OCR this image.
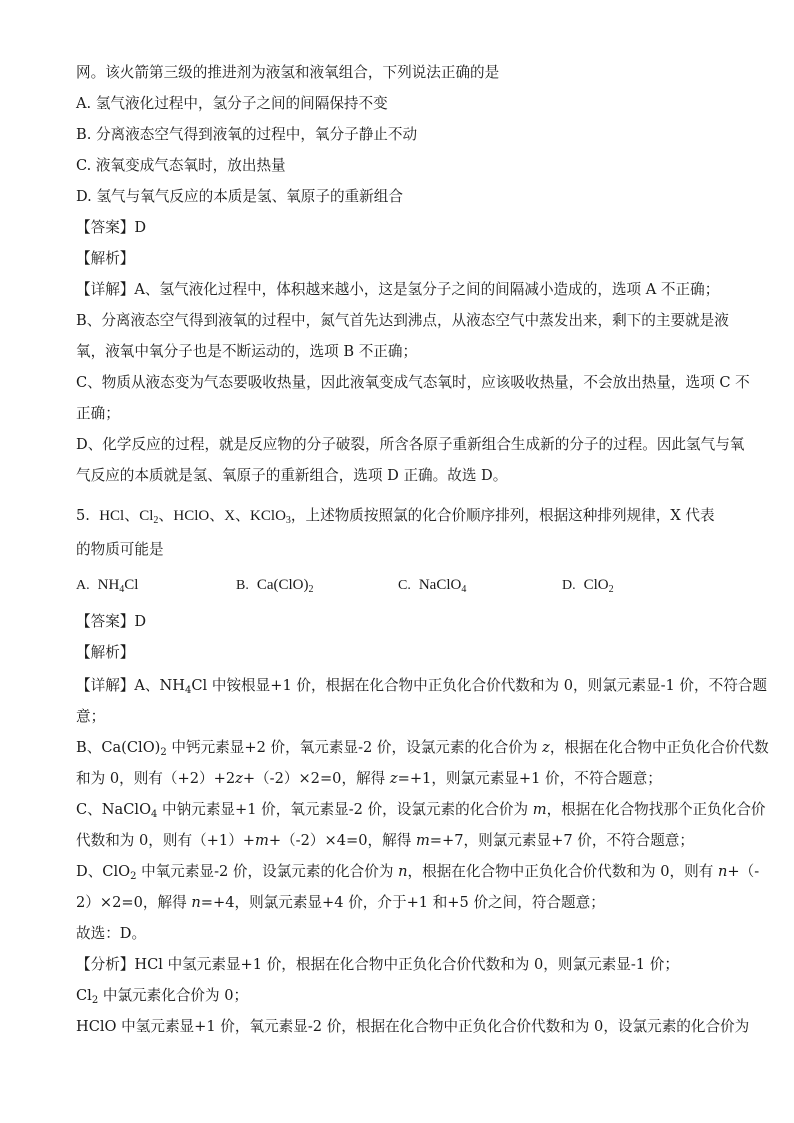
网。该火箭第三级的推进剂为液氢和液氧组合，下列说法正确的是
A. 氢气液化过程中，氢分子之间的间隔保持不变
B. 分离液态空气得到液氧的过程中，氧分子静止不动
C. 液氧变成气态氧时，放出热量
D. 氢气与氧气反应的本质是氢、氧原子的重新组合
【答案】D
【解析】
【详解】A、氢气液化过程中，体积越来越小，这是氢分子之间的间隔减小造成的，选项 A 不正确；
B、分离液态空气得到液氧的过程中，氮气首先达到沸点，从液态空气中蒸发出来，剩下的主要就是液
氧，液氧中氧分子也是不断运动的，选项 B 不正确；
C、物质从液态变为气态要吸收热量，因此液氧变成气态氧时，应该吸收热量，不会放出热量，选项 C 不
正确；
D、化学反应的过程，就是反应物的分子破裂，所含各原子重新组合生成新的分子的过程。因此氢气与氧
气反应的本质就是氢、氧原子的重新组合，选项 D 正确。故选 D。
5.  HCl、$Cl_2$、HClO、X、KClO$_3$，上述物质按照氯的化合价顺序排列，根据这种排列规律，X 代表
的物质可能是
【答案】D
【解析】
【详解】A、$NH_4Cl$ 中铵根显+1 价，根据在化合物中正负化合价代数和为 0，则氯元素显-1 价，不符合题
意；
B、$Ca(ClO)_2$ 中钙元素显+2 价，氧元素显-2 价，设氯元素的化合价为 z，根据在化合物中正负化合价代数
和为 0，则有（+2）+2z+（-2）×2=0，解得 z=+1，则氯元素显+1 价，不符合题意；
C、NaClO$_4$ 中钠元素显+1 价，氧元素显-2 价，设氯元素的化合价为 m，根据在化合物找那个正负化合价
代数和为 0，则有（+1）+m+（-2）×4=0，解得 m=+7，则氯元素显+7 价，不符合题意；
D、ClO$_2$ 中氧元素显-2 价，设氯元素的化合价为 n，根据在化合物中正负化合价代数和为 0，则有 n+（-
2）×2=0，解得 n=+4，则氯元素显+4 价，介于+1 和+5 价之间，符合题意；
故选：D。
【分析】HCl 中氢元素显+1 价，根据在化合物中正负化合价代数和为 0，则氯元素显-1 价；
$Cl_2$ 中氯元素化合价为 0；
HClO 中氢元素显+1 价，氧元素显-2 价，根据在化合物中正负化合价代数和为 0，设氯元素的化合价为
A. $NH_4Cl$	B. $Ca(ClO)_2$	C. NaClO$_4$	D. ClO$_2$
